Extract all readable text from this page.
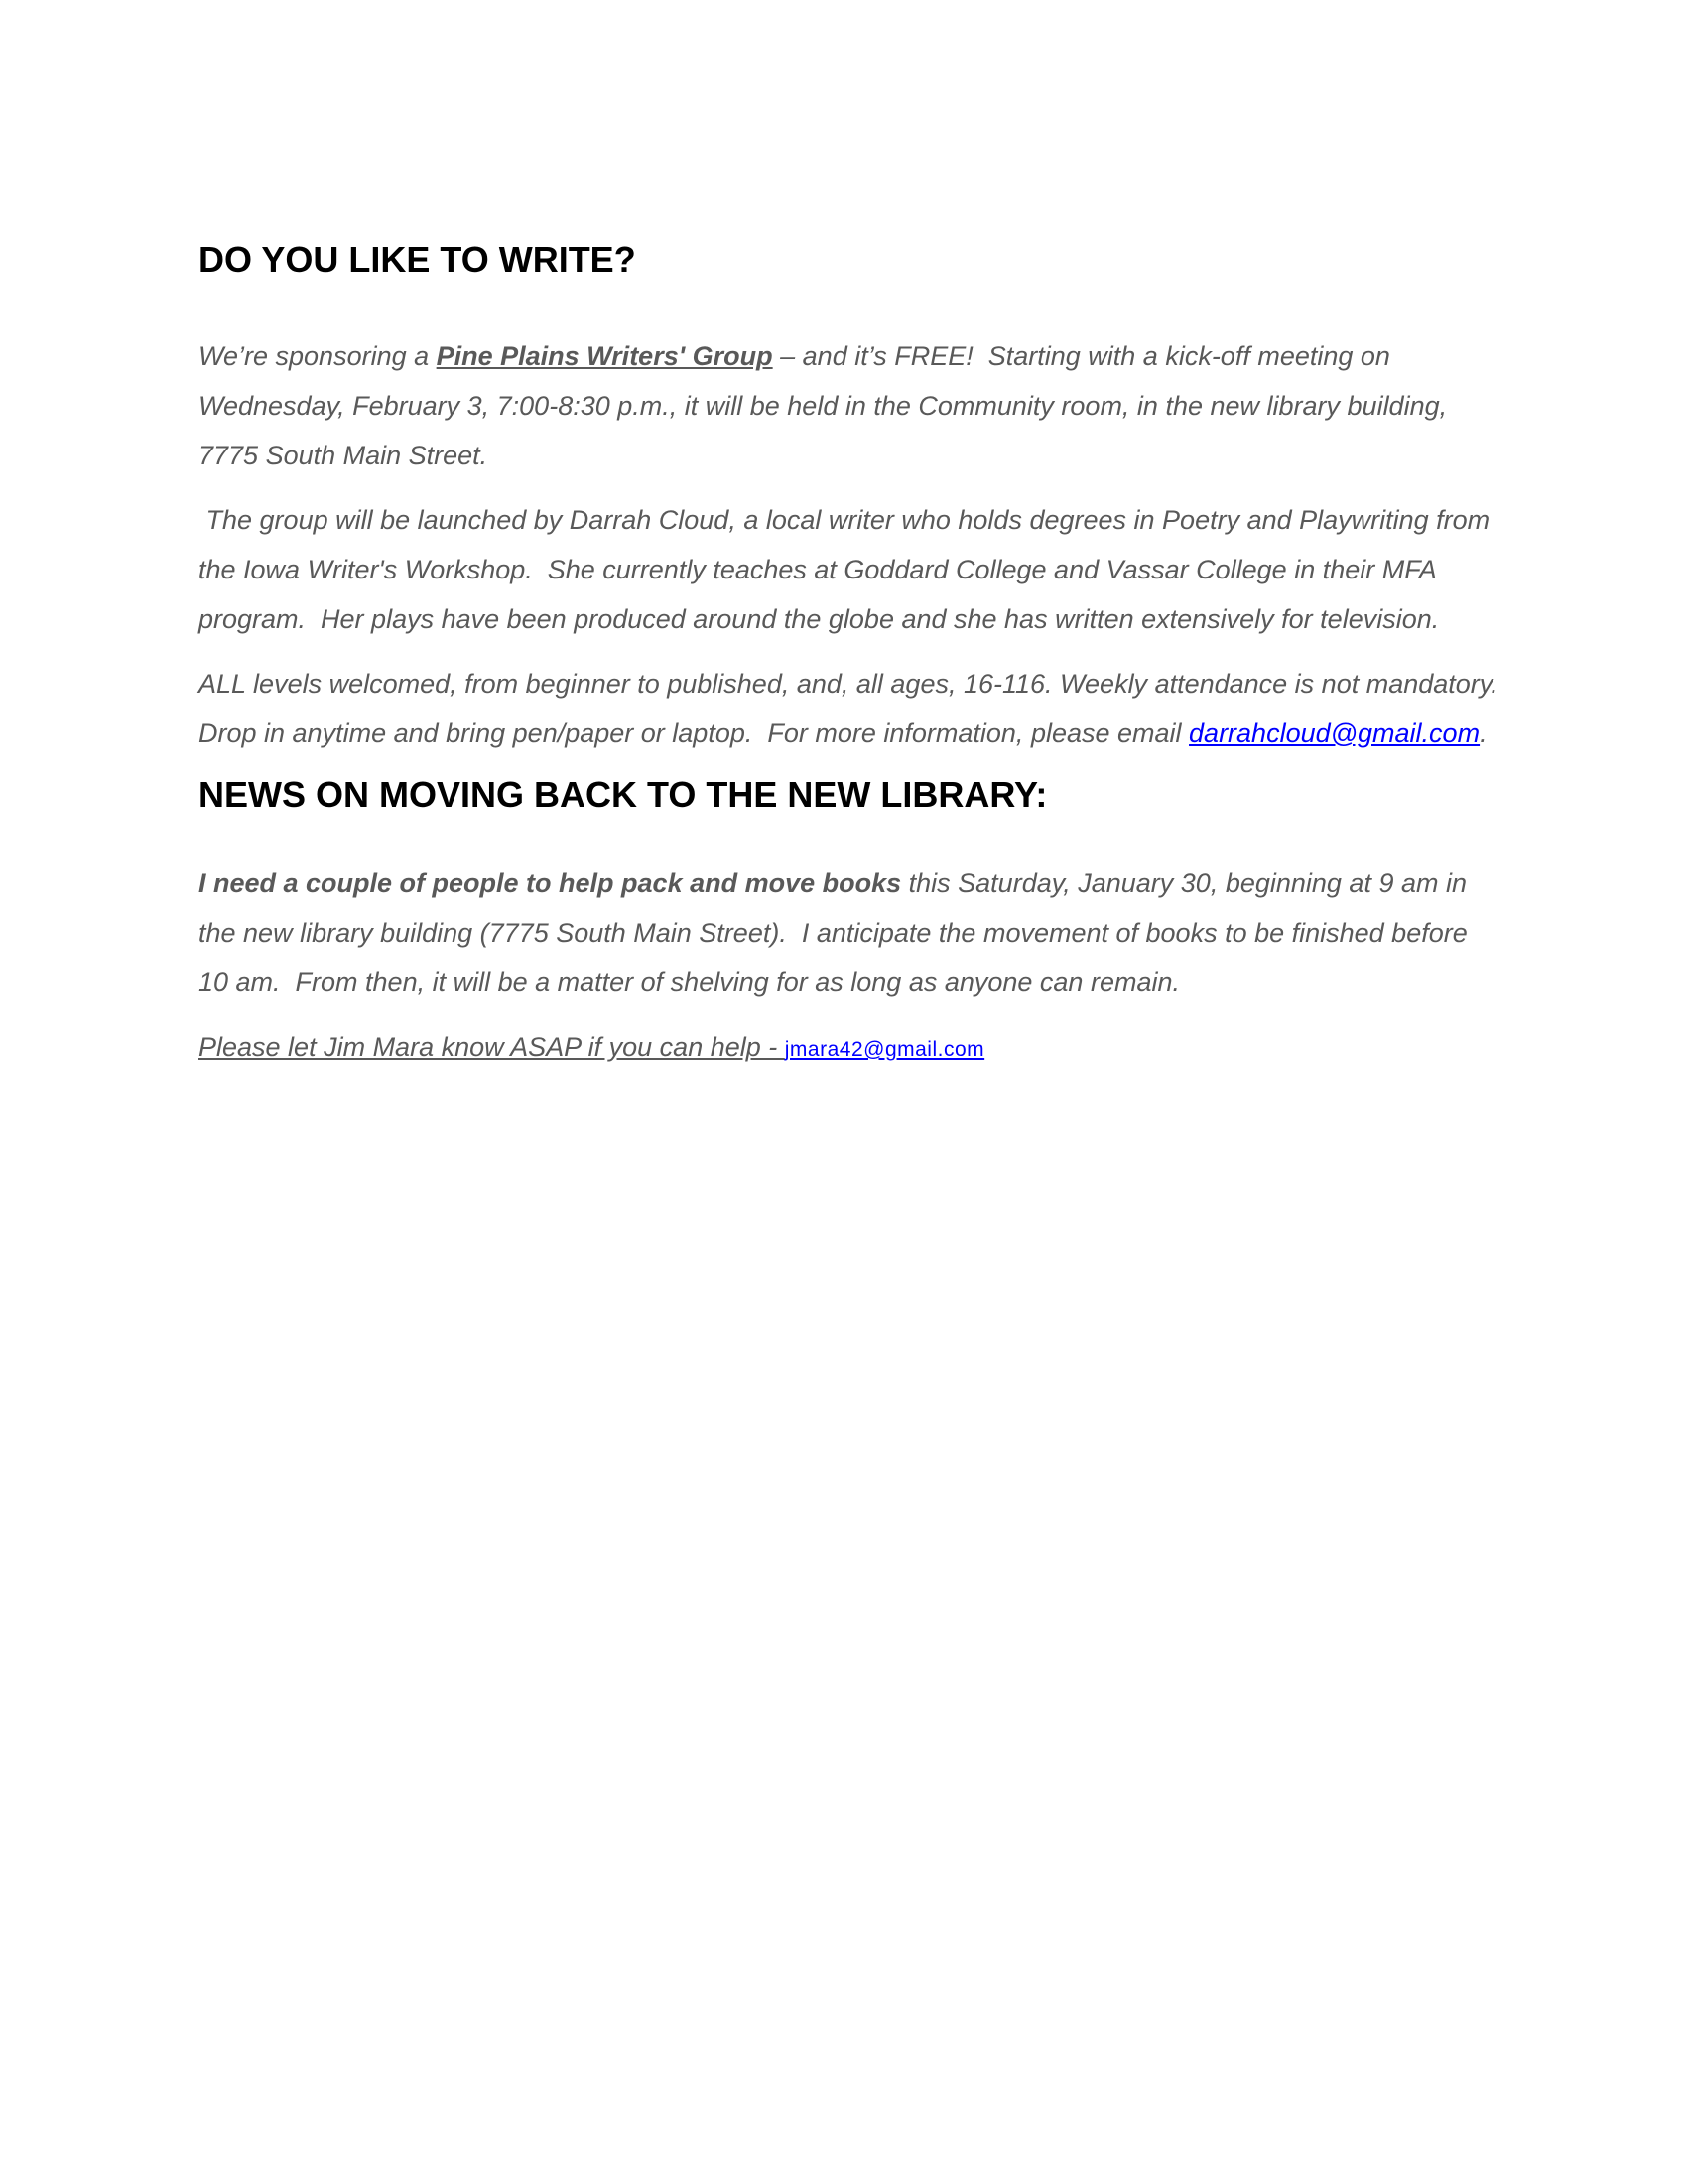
DO YOU LIKE TO WRITE?

We’re sponsoring a Pine Plains Writers' Group – and it’s FREE!  Starting with a kick-off meeting on Wednesday, February 3, 7:00-8:30 p.m., it will be held in the Community room, in the new library building, 7775 South Main Street.

The group will be launched by Darrah Cloud, a local writer who holds degrees in Poetry and Playwriting from the Iowa Writer's Workshop.  She currently teaches at Goddard College and Vassar College in their MFA program.  Her plays have been produced around the globe and she has written extensively for television.

ALL levels welcomed, from beginner to published, and, all ages, 16-116. Weekly attendance is not mandatory. Drop in anytime and bring pen/paper or laptop.  For more information, please email darrahcloud@gmail.com.

NEWS ON MOVING BACK TO THE NEW LIBRARY:

I need a couple of people to help pack and move books this Saturday, January 30, beginning at 9 am in the new library building (7775 South Main Street).  I anticipate the movement of books to be finished before 10 am.  From then, it will be a matter of shelving for as long as anyone can remain.

Please let Jim Mara know ASAP if you can help - jmara42@gmail.com
